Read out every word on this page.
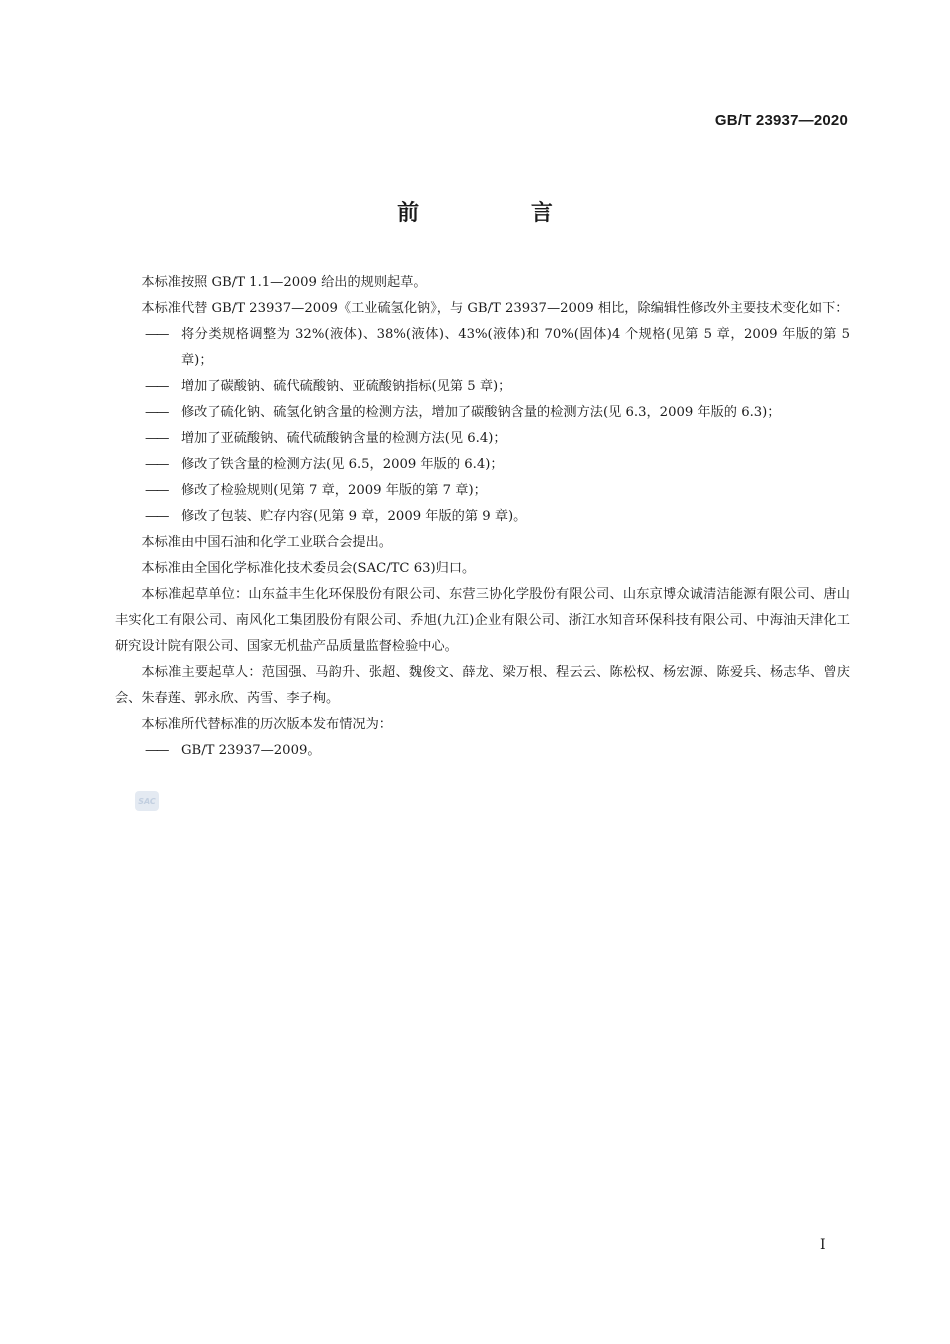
GB/T 23937—2020
前 言

本标准按照 GB/T 1.1—2009 给出的规则起草。

本标准代替 GB/T 23937—2009《工业硫氢化钠》，与 GB/T 23937—2009 相比，除编辑性修改外主要技术变化如下：

—— 将分类规格调整为 32%(液体)、38%(液体)、43%(液体)和 70%(固体)4 个规格(见第 5 章，2009 年版的第 5 章)；

—— 增加了碳酸钠、硫代硫酸钠、亚硫酸钠指标(见第 5 章)；

—— 修改了硫化钠、硫氢化钠含量的检测方法，增加了碳酸钠含量的检测方法(见 6.3，2009 年版的 6.3)；

—— 增加了亚硫酸钠、硫代硫酸钠含量的检测方法(见 6.4)；

—— 修改了铁含量的检测方法(见 6.5，2009 年版的 6.4)；

—— 修改了检验规则(见第 7 章，2009 年版的第 7 章)；

—— 修改了包装、贮存内容(见第 9 章，2009 年版的第 9 章)。

本标准由中国石油和化学工业联合会提出。

本标准由全国化学标准化技术委员会(SAC/TC 63)归口。

本标准起草单位：山东益丰生化环保股份有限公司、东营三协化学股份有限公司、山东京博众诚清洁能源有限公司、唐山丰实化工有限公司、南风化工集团股份有限公司、乔旭(九江)企业有限公司、浙江水知音环保科技有限公司、中海油天津化工研究设计院有限公司、国家无机盐产品质量监督检验中心。

本标准主要起草人：范国强、马韵升、张超、魏俊文、薛龙、梁万根、程云云、陈松权、杨宏源、陈爱兵、杨志华、曾庆会、朱春莲、郭永欣、芮雪、李子栒。

本标准所代替标准的历次版本发布情况为：

—— GB/T 23937—2009。

SAC
I
